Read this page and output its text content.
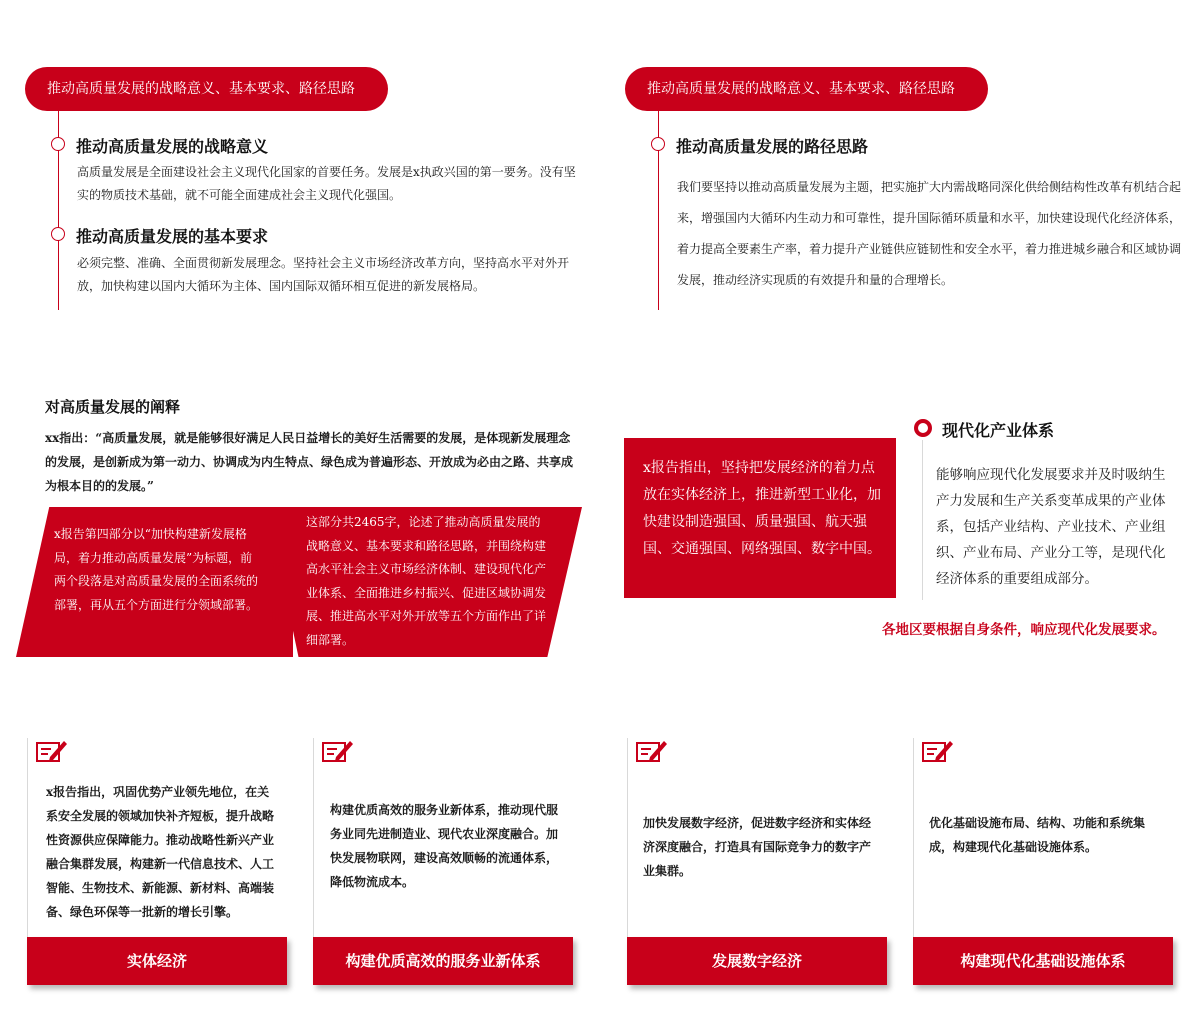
推动高质量发展的战略意义、基本要求、路径思路
推动高质量发展的战略意义
高质量发展是全面建设社会主义现代化国家的首要任务。发展是x执政兴国的第一要务。没有坚实的物质技术基础，就不可能全面建成社会主义现代化强国。
推动高质量发展的基本要求
必须完整、准确、全面贯彻新发展理念。坚持社会主义市场经济改革方向，坚持高水平对外开放，加快构建以国内大循环为主体、国内国际双循环相互促进的新发展格局。
推动高质量发展的战略意义、基本要求、路径思路
推动高质量发展的路径思路
我们要坚持以推动高质量发展为主题，把实施扩大内需战略同深化供给侧结构性改革有机结合起来，增强国内大循环内生动力和可靠性，提升国际循环质量和水平，加快建设现代化经济体系，着力提高全要素生产率，着力提升产业链供应链韧性和安全水平，着力推进城乡融合和区域协调发展，推动经济实现质的有效提升和量的合理增长。
对高质量发展的阐释
xx指出：“高质量发展，就是能够很好满足人民日益增长的美好生活需要的发展，是体现新发展理念的发展，是创新成为第一动力、协调成为内生特点、绿色成为普遍形态、开放成为必由之路、共享成为根本目的的发展。”
x报告第四部分以“加快构建新发展格局，着力推动高质量发展”为标题，前两个段落是对高质量发展的全面系统的部署，再从五个方面进行分领域部署。
这部分共2465字，论述了推动高质量发展的战略意义、基本要求和路径思路，并围绕构建高水平社会主义市场经济体制、建设现代化产业体系、全面推进乡村振兴、促进区域协调发展、推进高水平对外开放等五个方面作出了详细部署。
x报告指出，坚持把发展经济的着力点放在实体经济上，推进新型工业化，加快建设制造强国、质量强国、航天强国、交通强国、网络强国、数字中国。
现代化产业体系
能够响应现代化发展要求并及时吸纳生产力发展和生产关系变革成果的产业体系，包括产业结构、产业技术、产业组织、产业布局、产业分工等，是现代化经济体系的重要组成部分。
各地区要根据自身条件，响应现代化发展要求。
x报告指出，巩固优势产业领先地位，在关系安全发展的领域加快补齐短板，提升战略性资源供应保障能力。推动战略性新兴产业融合集群发展，构建新一代信息技术、人工智能、生物技术、新能源、新材料、高端装备、绿色环保等一批新的增长引擎。
实体经济
构建优质高效的服务业新体系，推动现代服务业同先进制造业、现代农业深度融合。加快发展物联网，建设高效顺畅的流通体系，降低物流成本。
构建优质高效的服务业新体系
加快发展数字经济，促进数字经济和实体经济深度融合，打造具有国际竞争力的数字产业集群。
发展数字经济
优化基础设施布局、结构、功能和系统集成，构建现代化基础设施体系。
构建现代化基础设施体系
